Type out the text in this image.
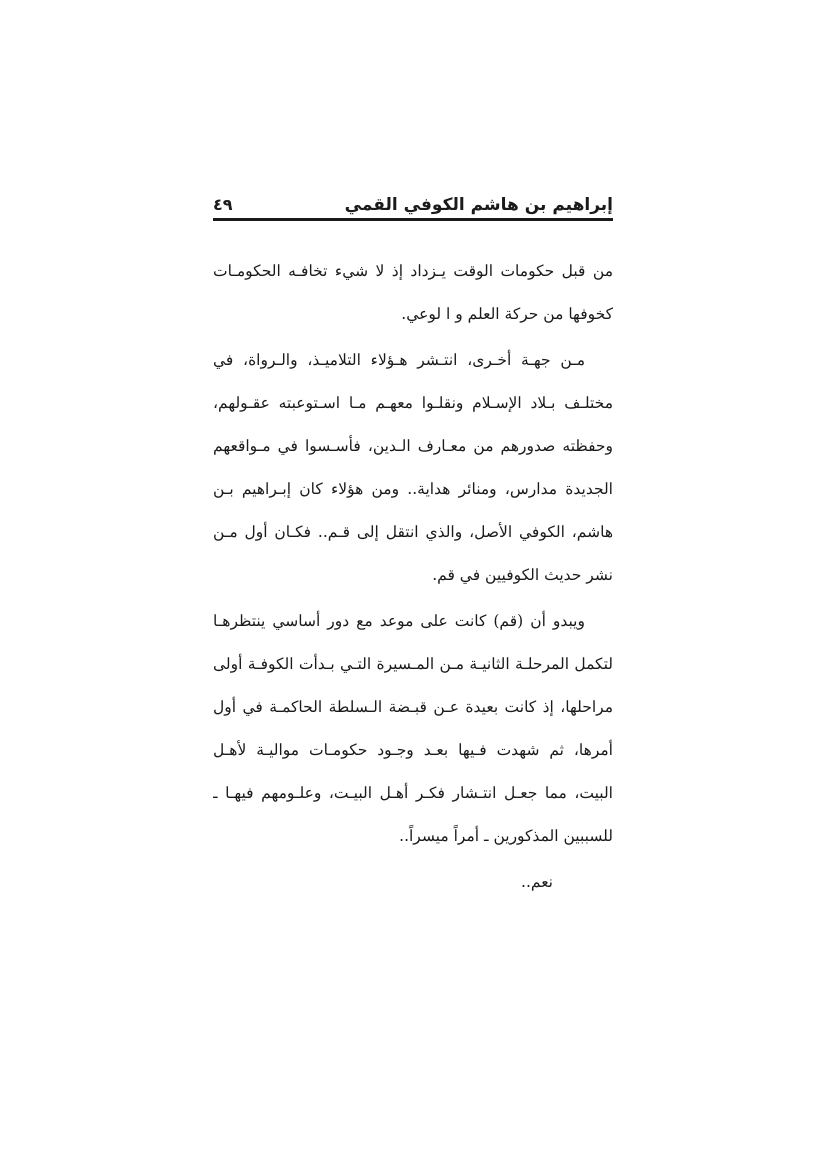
إبراهيم بن هاشم الكوفي القمي
٤٩
من قبل حكومات الوقت يـزداد إذ لا شيء تخافـه الحكومـات
كخوفها من حركة العلم و ا لوعي.
مـن جهـة أخـرى، انتـشر هـؤلاء التلاميـذ، والـرواة، في
مختلـف بـلاد الإسـلام ونقلـوا معهـم مـا اسـتوعبته عقـولهم،
وحفظته صدورهم من معـارف الـدين، فأسـسوا في مـواقعهم
الجديدة مدارس، ومنائر هداية.. ومن هؤلاء كان إبـراهيم بـن
هاشم، الكوفي الأصل، والذي انتقل إلى قـم.. فكـان أول مـن
نشر حديث الكوفيين في قم.
ويبدو أن (قم) كانت على موعد مع دور أساسي ينتظرهـا
لتكمل المرحلـة الثانيـة مـن المـسيرة التـي بـدأت الكوفـة أولى
مراحلها، إذ كانت بعيدة عـن قبـضة الـسلطة الحاكمـة في أول
أمرها، ثم شهدت فـيها بعـد وجـود حكومـات مواليـة لأهـل
البيت، مما جعـل انتـشار فكـر أهـل البيـت، وعلـومهم فيهـا ـ
للسببين المذكورين ـ أمراً ميسراً..
نعم..
